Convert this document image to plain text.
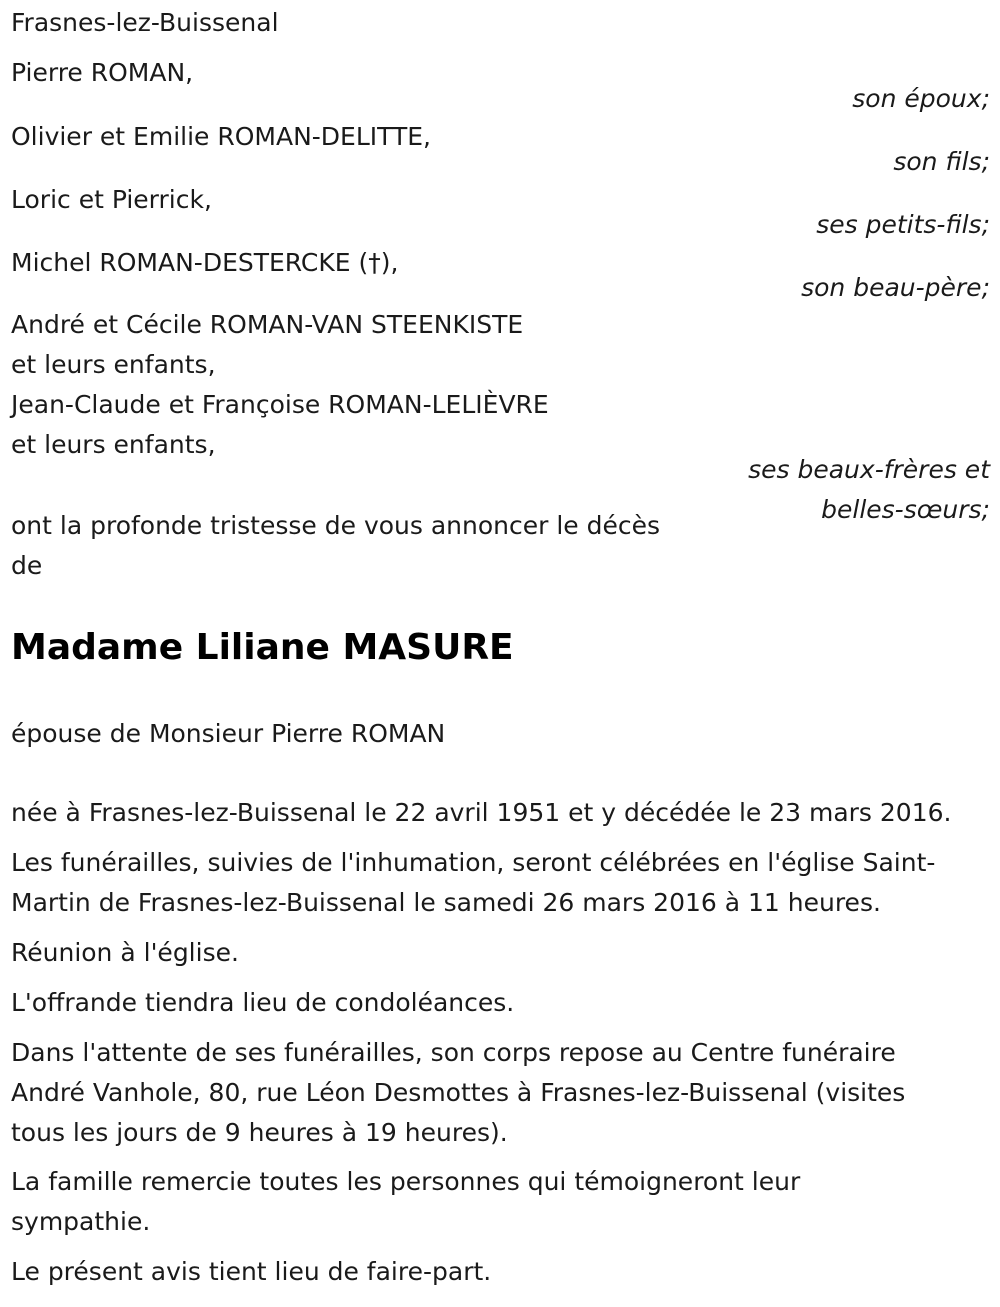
Frasnes-lez-Buissenal
Pierre ROMAN,
son époux;
Olivier et Emilie ROMAN-DELITTE,
son fils;
Loric et Pierrick,
ses petits-fils;
Michel ROMAN-DESTERCKE (†),
son beau-père;
André et Cécile ROMAN-VAN STEENKISTE
et leurs enfants,
Jean-Claude et Françoise ROMAN-LELIÈVRE
et leurs enfants,
ses beaux-frères et
belles-sœurs;
ont la profonde tristesse de vous annoncer le décès
de
Madame Liliane MASURE
épouse de Monsieur Pierre ROMAN
née à Frasnes-lez-Buissenal le 22 avril 1951 et y décédée le 23 mars 2016.
Les funérailles, suivies de l'inhumation, seront célébrées en l'église Saint-
Martin de Frasnes-lez-Buissenal le samedi 26 mars 2016 à 11 heures.
Réunion à l'église.
L'offrande tiendra lieu de condoléances.
Dans l'attente de ses funérailles, son corps repose au Centre funéraire
André Vanhole, 80, rue Léon Desmottes à Frasnes-lez-Buissenal (visites
tous les jours de 9 heures à 19 heures).
La famille remercie toutes les personnes qui témoigneront leur
sympathie.
Le présent avis tient lieu de faire-part.
